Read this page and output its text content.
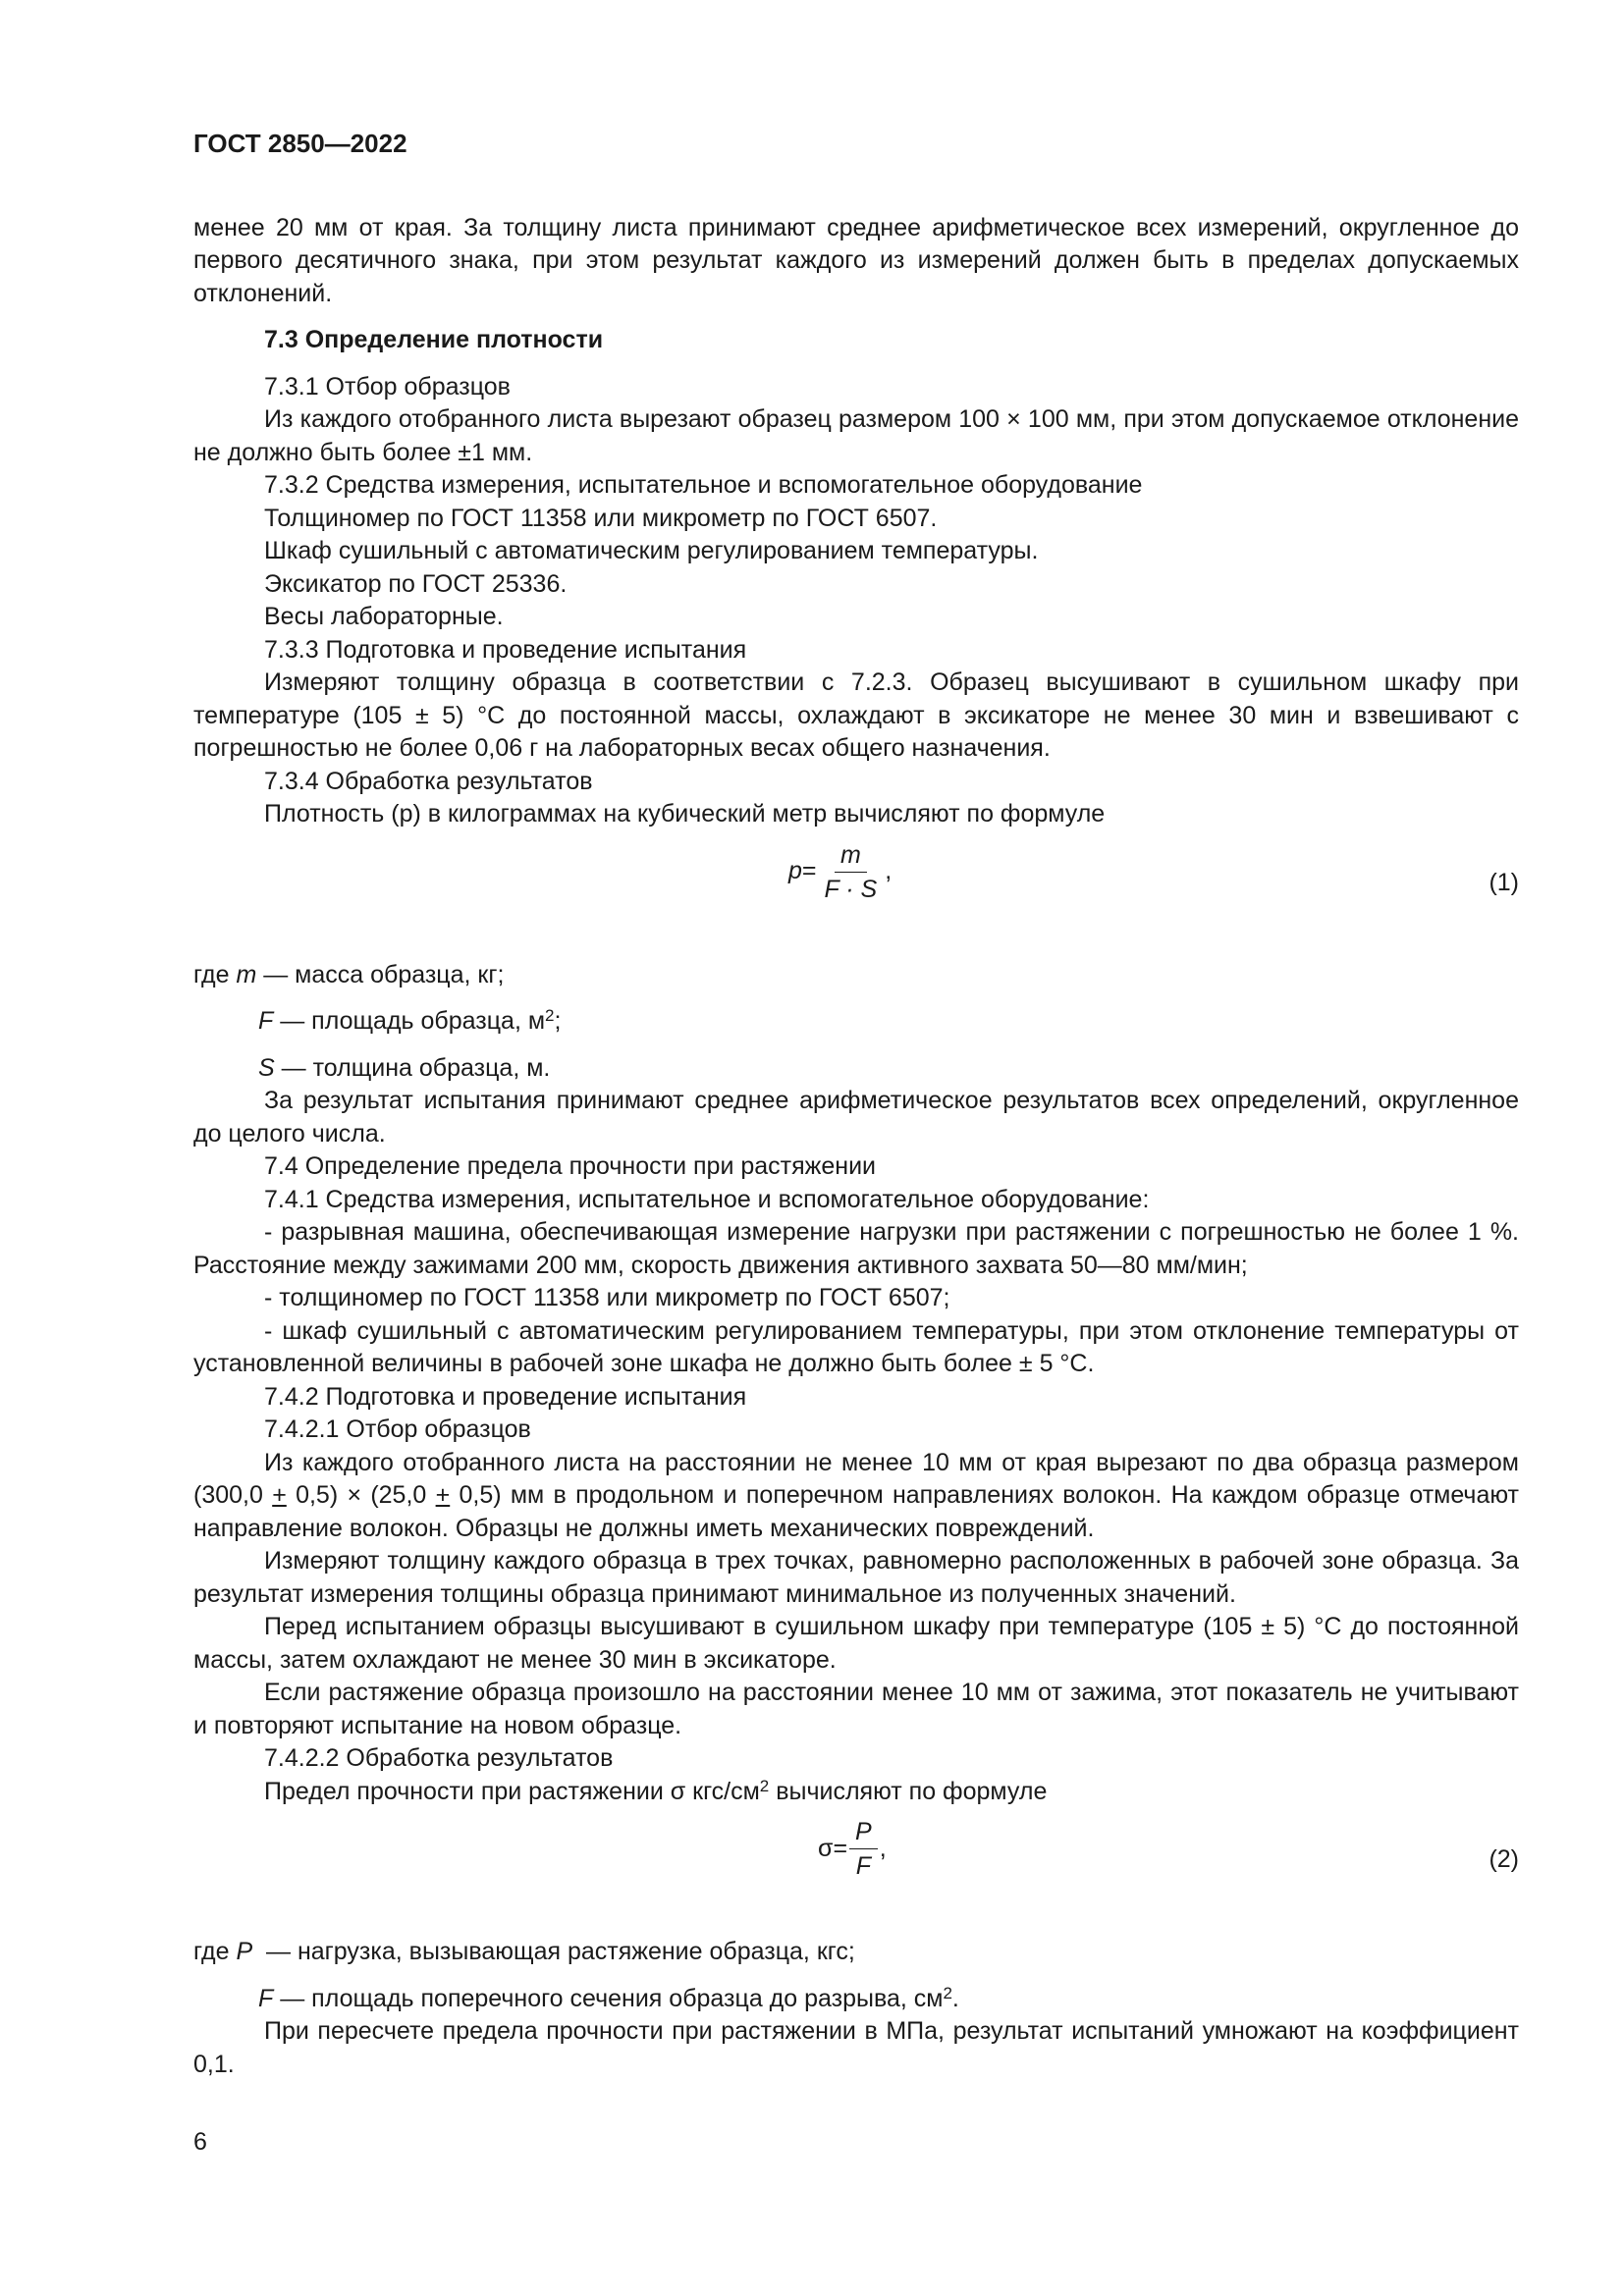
ГОСТ 2850—2022

менее 20 мм от края. За толщину листа принимают среднее арифметическое всех измерений, округленное до первого десятичного знака, при этом результат каждого из измерений должен быть в пределах допускаемых отклонений.

7.3 Определение плотности

7.3.1 Отбор образцов

Из каждого отобранного листа вырезают образец размером 100 × 100 мм, при этом допускаемое отклонение не должно быть более ±1 мм.

7.3.2 Средства измерения, испытательное и вспомогательное оборудование

Толщиномер по ГОСТ 11358 или микрометр по ГОСТ 6507.

Шкаф сушильный с автоматическим регулированием температуры.

Эксикатор по ГОСТ 25336.

Весы лабораторные.

7.3.3 Подготовка и проведение испытания

Измеряют толщину образца в соответствии с 7.2.3. Образец высушивают в сушильном шкафу при температуре (105 ± 5) °С до постоянной массы, охлаждают в эксикаторе не менее 30 мин и взвешивают с погрешностью не более 0,06 г на лабораторных весах общего назначения.

7.3.4 Обработка результатов

Плотность (p) в килограммах на кубический метр вычисляют по формуле

$p = \frac{m}{F \cdot S}$ ,	(1)

где m — масса образца, кг;

F — площадь образца, $м^2$;

S — толщина образца, м.

За результат испытания принимают среднее арифметическое результатов всех определений, округленное до целого числа.

7.4 Определение предела прочности при растяжении

7.4.1 Средства измерения, испытательное и вспомогательное оборудование:

- разрывная машина, обеспечивающая измерение нагрузки при растяжении с погрешностью не более 1 %. Расстояние между зажимами 200 мм, скорость движения активного захвата 50—80 мм/мин;

- толщиномер по ГОСТ 11358 или микрометр по ГОСТ 6507;

- шкаф сушильный с автоматическим регулированием температуры, при этом отклонение температуры от установленной величины в рабочей зоне шкафа не должно быть более ± 5 °С.

7.4.2 Подготовка и проведение испытания

7.4.2.1 Отбор образцов

Из каждого отобранного листа на расстоянии не менее 10 мм от края вырезают по два образца размером (300,0 + 0,5) × (25,0 + 0,5) мм в продольном и поперечном направлениях волокон. На каждом образце отмечают направление волокон. Образцы не должны иметь механических повреждений.

Измеряют толщину каждого образца в трех точках, равномерно расположенных в рабочей зоне образца. За результат измерения толщины образца принимают минимальное из полученных значений.

Перед испытанием образцы высушивают в сушильном шкафу при температуре (105 ± 5) °С до постоянной массы, затем охлаждают не менее 30 мин в эксикаторе.

Если растяжение образца произошло на расстоянии менее 10 мм от зажима, этот показатель не учитывают и повторяют испытание на новом образце.

7.4.2.2 Обработка результатов

Предел прочности при растяжении σ кгс/$см^2$ вычисляют по формуле

$\sigma = \frac{P}{F}$ ,	(2)

где P  — нагрузка, вызывающая растяжение образца, кгс;

F — площадь поперечного сечения образца до разрыва, $см^2$.

При пересчете предела прочности при растяжении в МПа, результат испытаний умножают на коэффициент 0,1.

6
